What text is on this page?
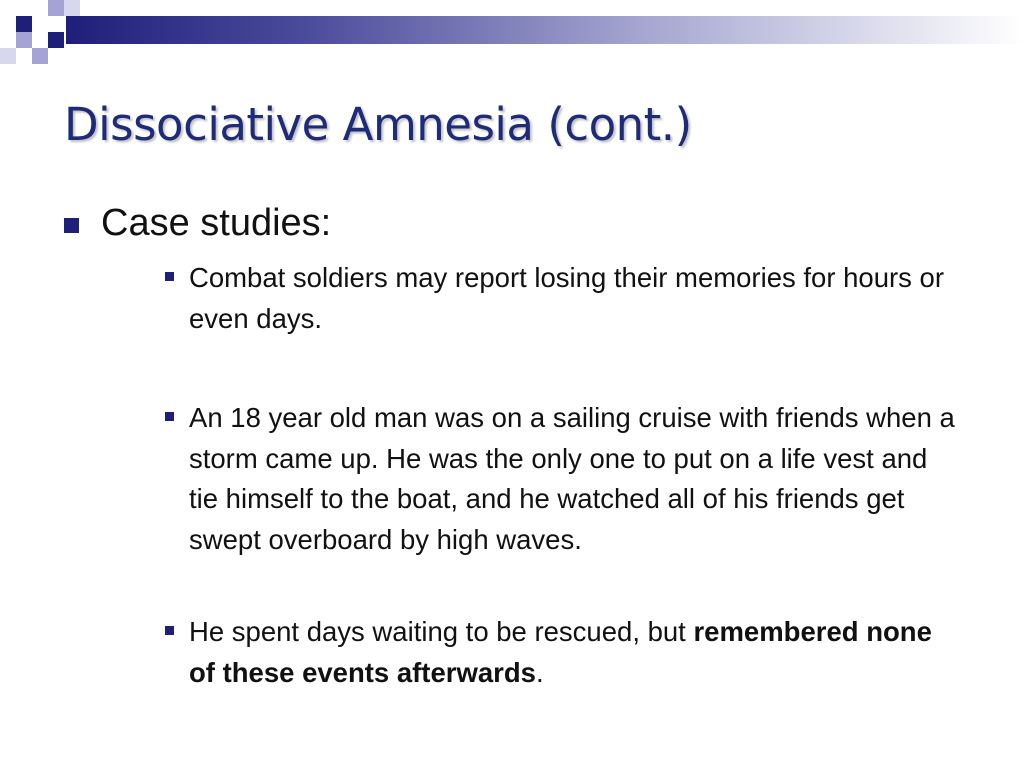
Dissociative Amnesia (cont.)
Case studies:
Combat soldiers may report losing their memories for hours or even days.
An 18 year old man was on a sailing cruise with friends when a storm came up. He was the only one to put on a life vest and tie himself to the boat, and he watched all of his friends get swept overboard by high waves.
He spent days waiting to be rescued, but remembered none of these events afterwards.
